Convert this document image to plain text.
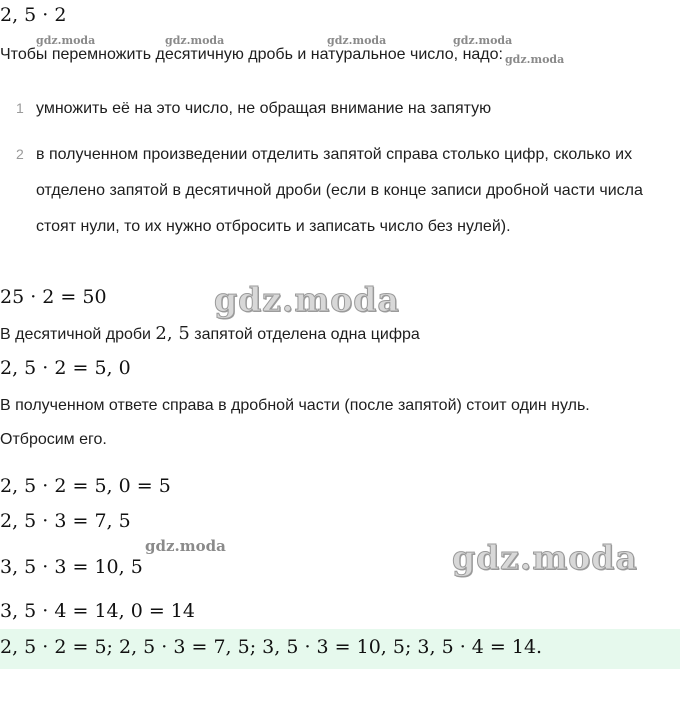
2, 5 · 2
gdz.moda	gdz.moda	gdz.moda	gdz.moda
Чтобы перемножить десятичную дробь и натуральное число, надо: $_{gdz.moda}$
1 умножить её на это число, не обращая внимание на запятую
2 в полученном произведении отделить запятой справа столько цифр, сколько их отделено запятой в десятичной дроби (если в конце записи дробной части числа стоят нули, то их нужно отбросить и записать число без нулей).
25 · 2 = 50	gdz.moda
В десятичной дроби 2, 5 запятой отделена одна цифра
2, 5 · 2 = 5, 0
В полученном ответе справа в дробной части (после запятой) стоит один нуль.
Отбросим его.
2, 5 · 2 = 5, 0 = 5
2, 5 · 3 = 7, 5
gdz.moda
3, 5 · 3 = 10, 5	gdz.moda
3, 5 · 4 = 14, 0 = 14
2, 5 · 2 = 5; 2, 5 · 3 = 7, 5; 3, 5 · 3 = 10, 5; 3, 5 · 4 = 14.
